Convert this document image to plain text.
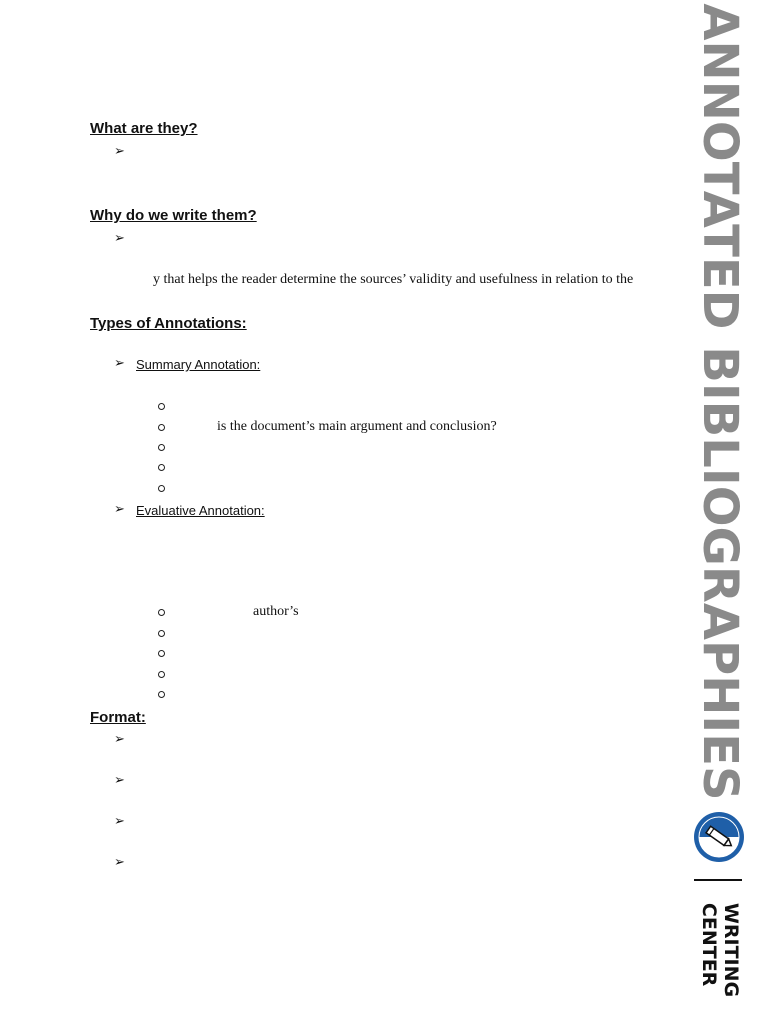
What are they?
➢
Why do we write them?
➢
y that helps the reader determine the sources’ validity and usefulness in relation to the
Types of Annotations:
➢ Summary Annotation:
is the document’s main argument and conclusion?
➢ Evaluative Annotation:
author’s
Format:
➢
➢
➢
➢
ANNOTATED BIBLIOGRAPHIES
WRITING
CENTER
